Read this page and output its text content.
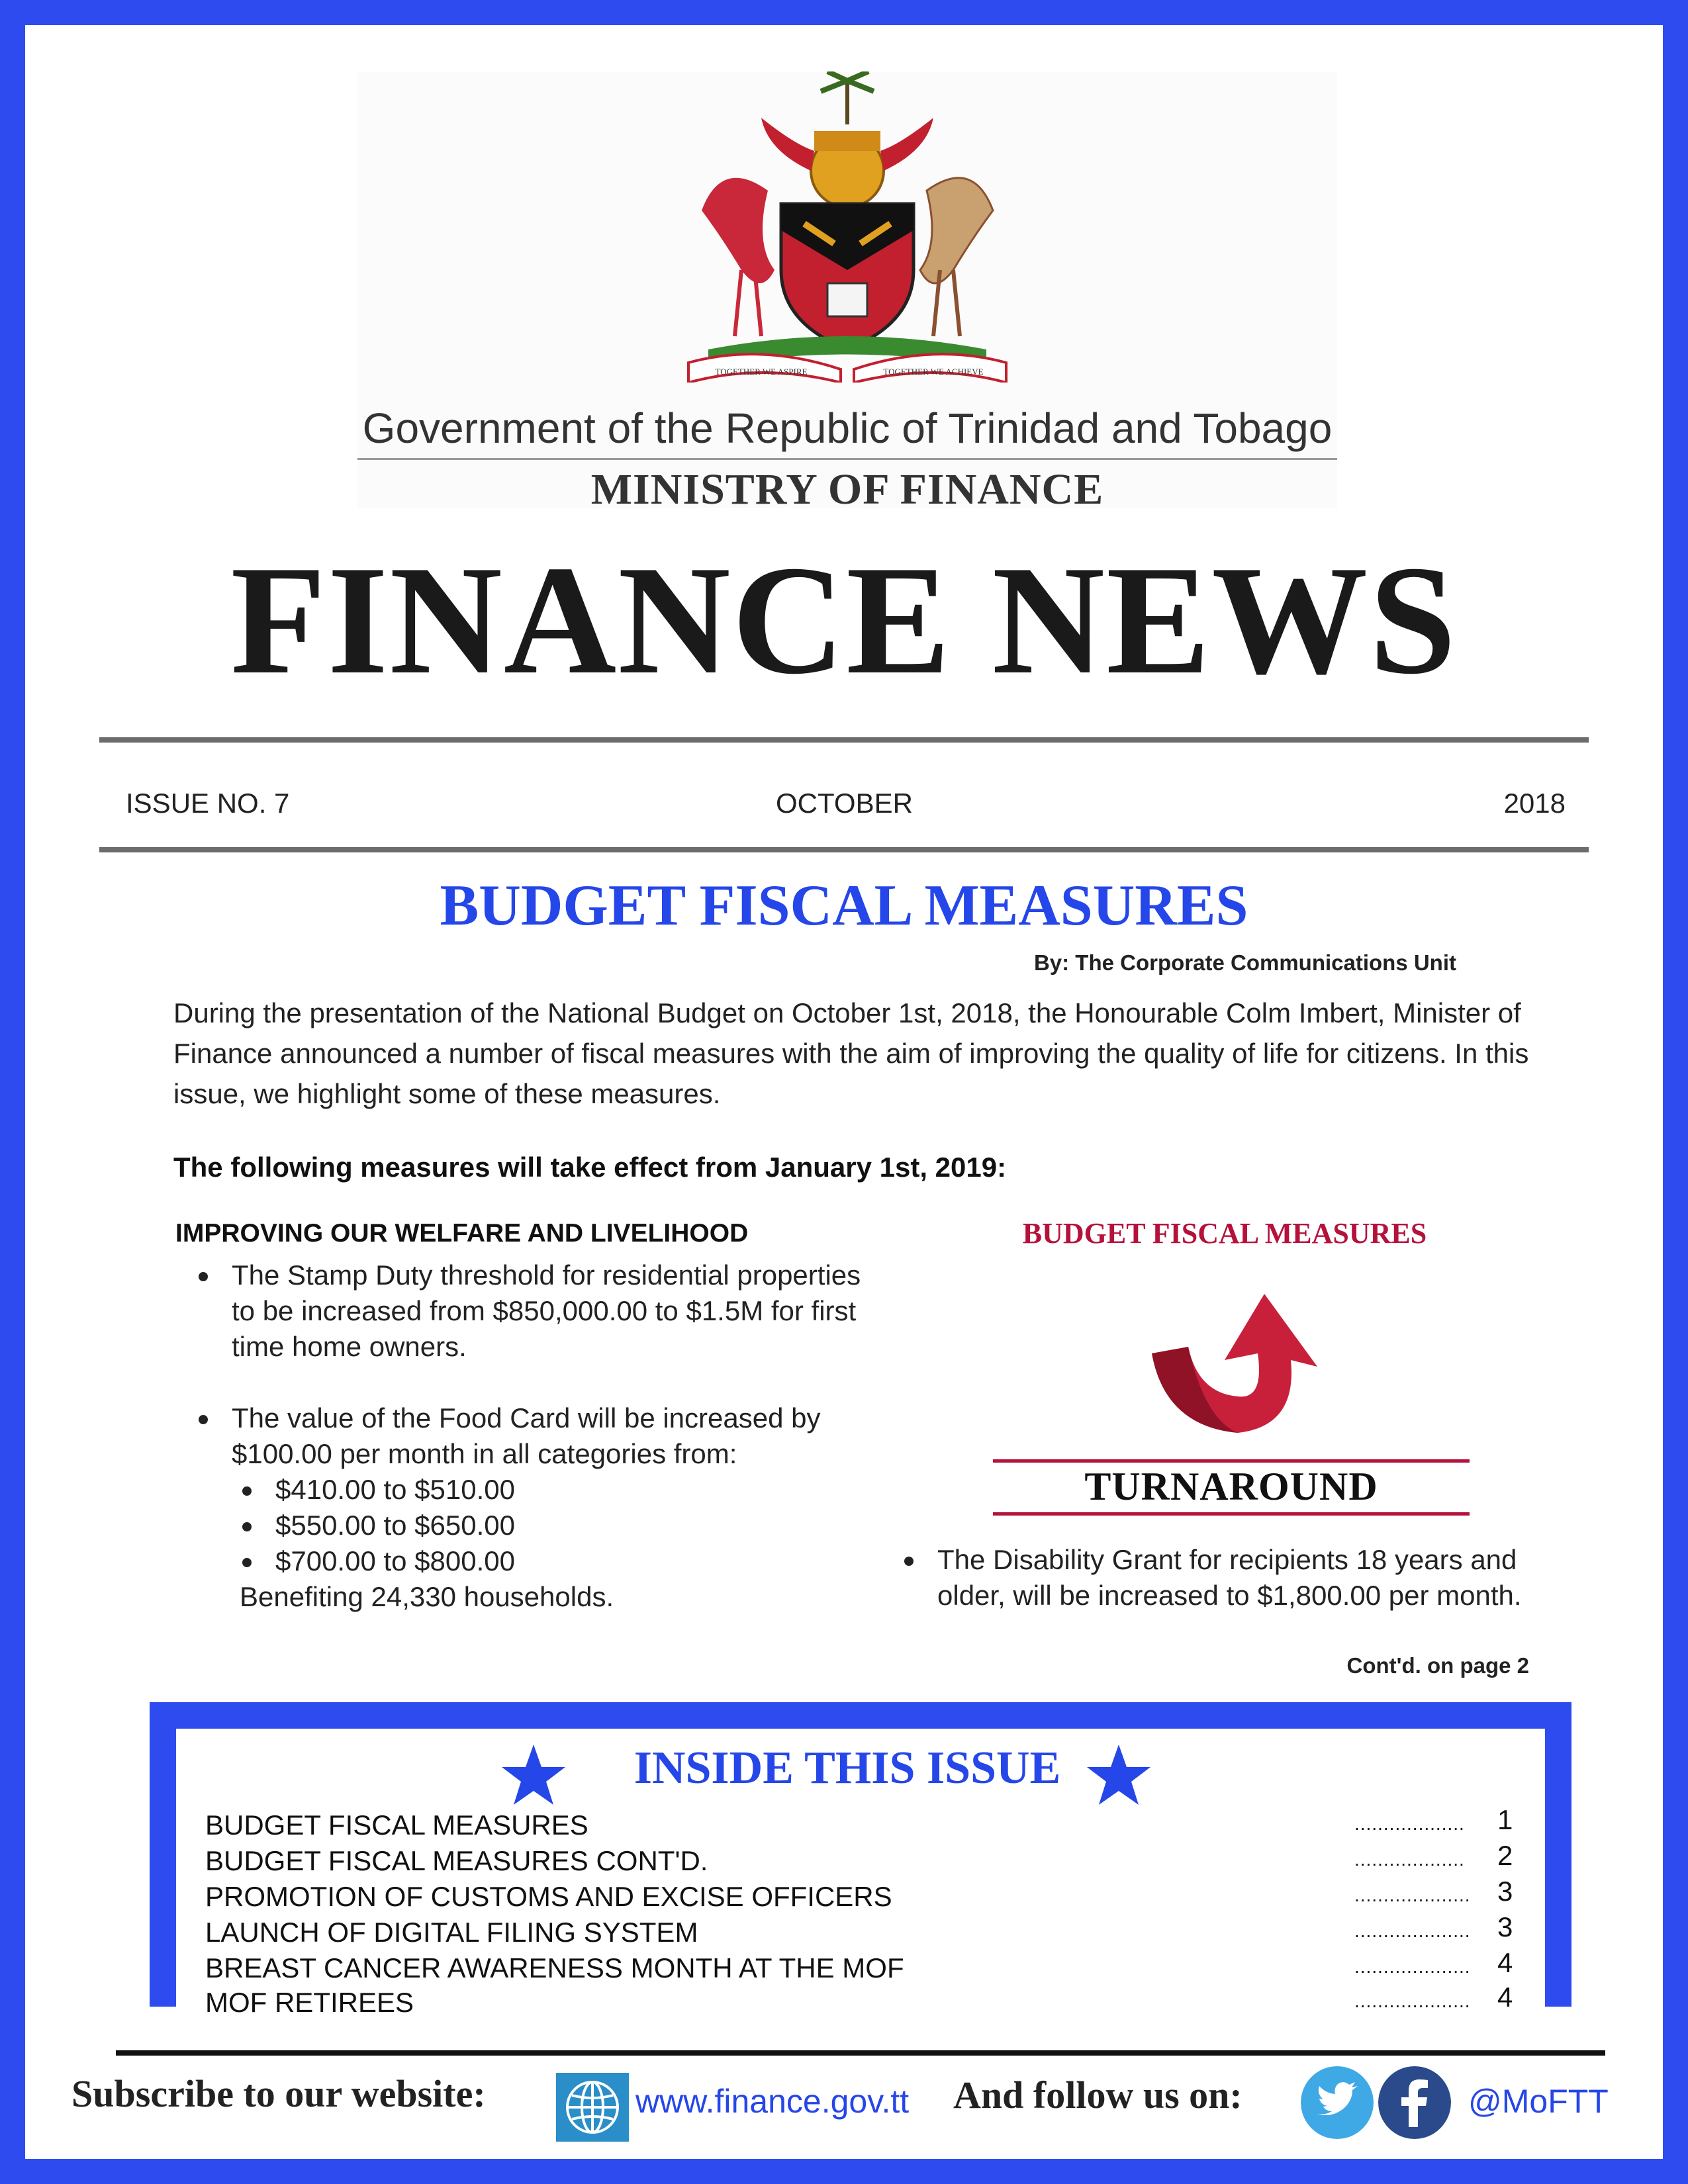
TOGETHER WE ASPIRE	TOGETHER WE ACHIEVE
Government of the Republic of Trinidad and Tobago
MINISTRY OF FINANCE
FINANCE NEWS
ISSUE NO. 7	OCTOBER	2018
BUDGET FISCAL MEASURES
By: The Corporate Communications Unit
During the presentation of the National Budget on October 1st, 2018, the Honourable Colm Imbert, Minister of Finance announced a number of fiscal measures with the aim of improving the quality of life for citizens. In this issue, we highlight some of these measures.
The following measures will take effect from January 1st, 2019:
IMPROVING OUR WELFARE AND LIVELIHOOD
The Stamp Duty threshold for residential properties to be increased from $850,000.00 to $1.5M for first time home owners.
The value of the Food Card will be increased by $100.00 per month in all categories from:
$410.00 to $510.00
$550.00 to $650.00
$700.00 to $800.00
Benefiting 24,330 households.
BUDGET FISCAL MEASURES
TURNAROUND
The Disability Grant for recipients 18 years and older, will be increased to $1,800.00 per month.
Cont'd. on page 2
INSIDE THIS ISSUE
BUDGET FISCAL MEASURES	...................	1
BUDGET FISCAL MEASURES CONT'D.	...................	2
PROMOTION OF CUSTOMS AND EXCISE OFFICERS	.................... 3
LAUNCH OF DIGITAL FILING SYSTEM	.................... 3
BREAST CANCER AWARENESS MONTH AT THE MOF	.................... 4
MOF RETIREES	.................... 4
Subscribe to our website:	www.finance.gov.tt And follow us on:	@MoFTT
